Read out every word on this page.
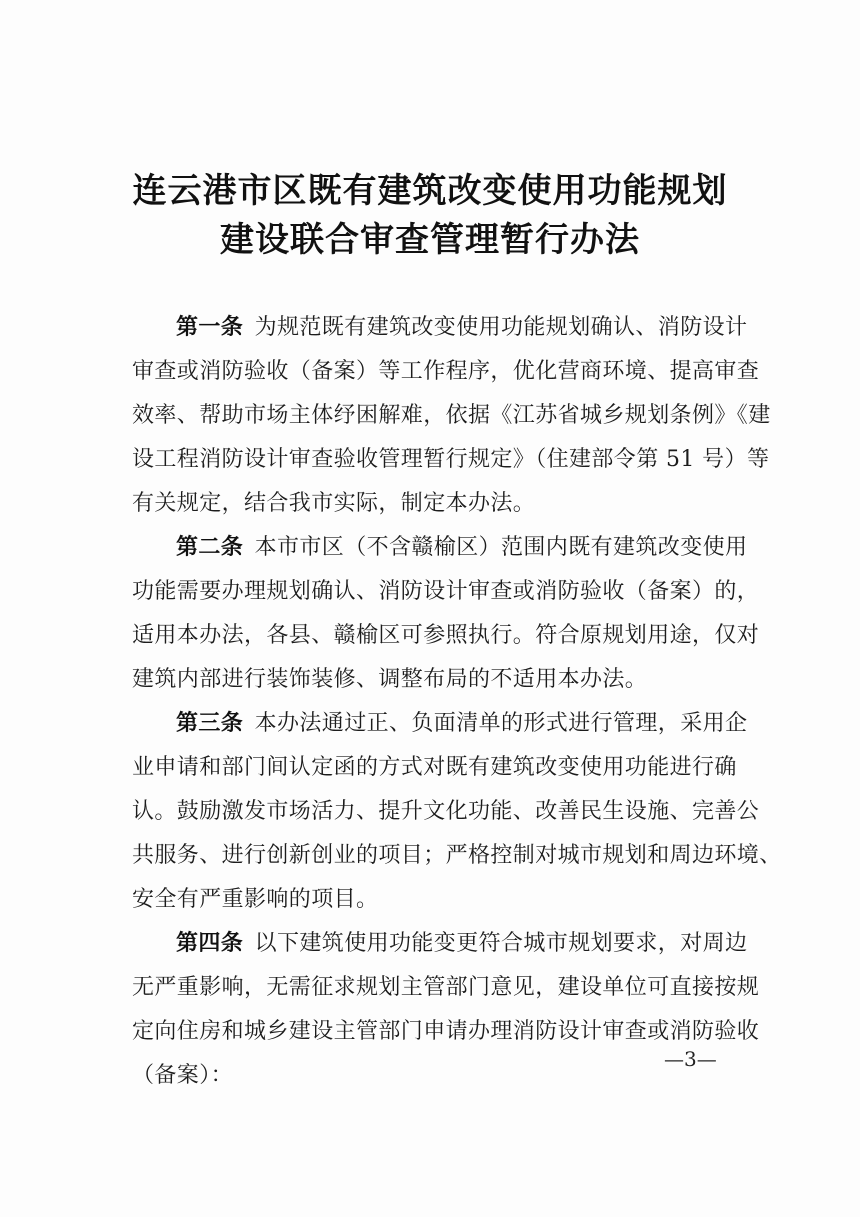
连云港市区既有建筑改变使用功能规划
建设联合审查管理暂行办法
第一条  为规范既有建筑改变使用功能规划确认、消防设计
审查或消防验收（备案）等工作程序，优化营商环境、提高审查
效率、帮助市场主体纾困解难，依据《江苏省城乡规划条例》《建
设工程消防设计审查验收管理暂行规定》（住建部令第 51 号）等
有关规定，结合我市实际，制定本办法。
第二条  本市市区（不含赣榆区）范围内既有建筑改变使用
功能需要办理规划确认、消防设计审查或消防验收（备案）的，
适用本办法，各县、赣榆区可参照执行。符合原规划用途，仅对
建筑内部进行装饰装修、调整布局的不适用本办法。
第三条  本办法通过正、负面清单的形式进行管理，采用企
业申请和部门间认定函的方式对既有建筑改变使用功能进行确
认。鼓励激发市场活力、提升文化功能、改善民生设施、完善公
共服务、进行创新创业的项目；严格控制对城市规划和周边环境、
安全有严重影响的项目。
第四条  以下建筑使用功能变更符合城市规划要求，对周边
无严重影响，无需征求规划主管部门意见，建设单位可直接按规
定向住房和城乡建设主管部门申请办理消防设计审查或消防验收
（备案）：
—3—
